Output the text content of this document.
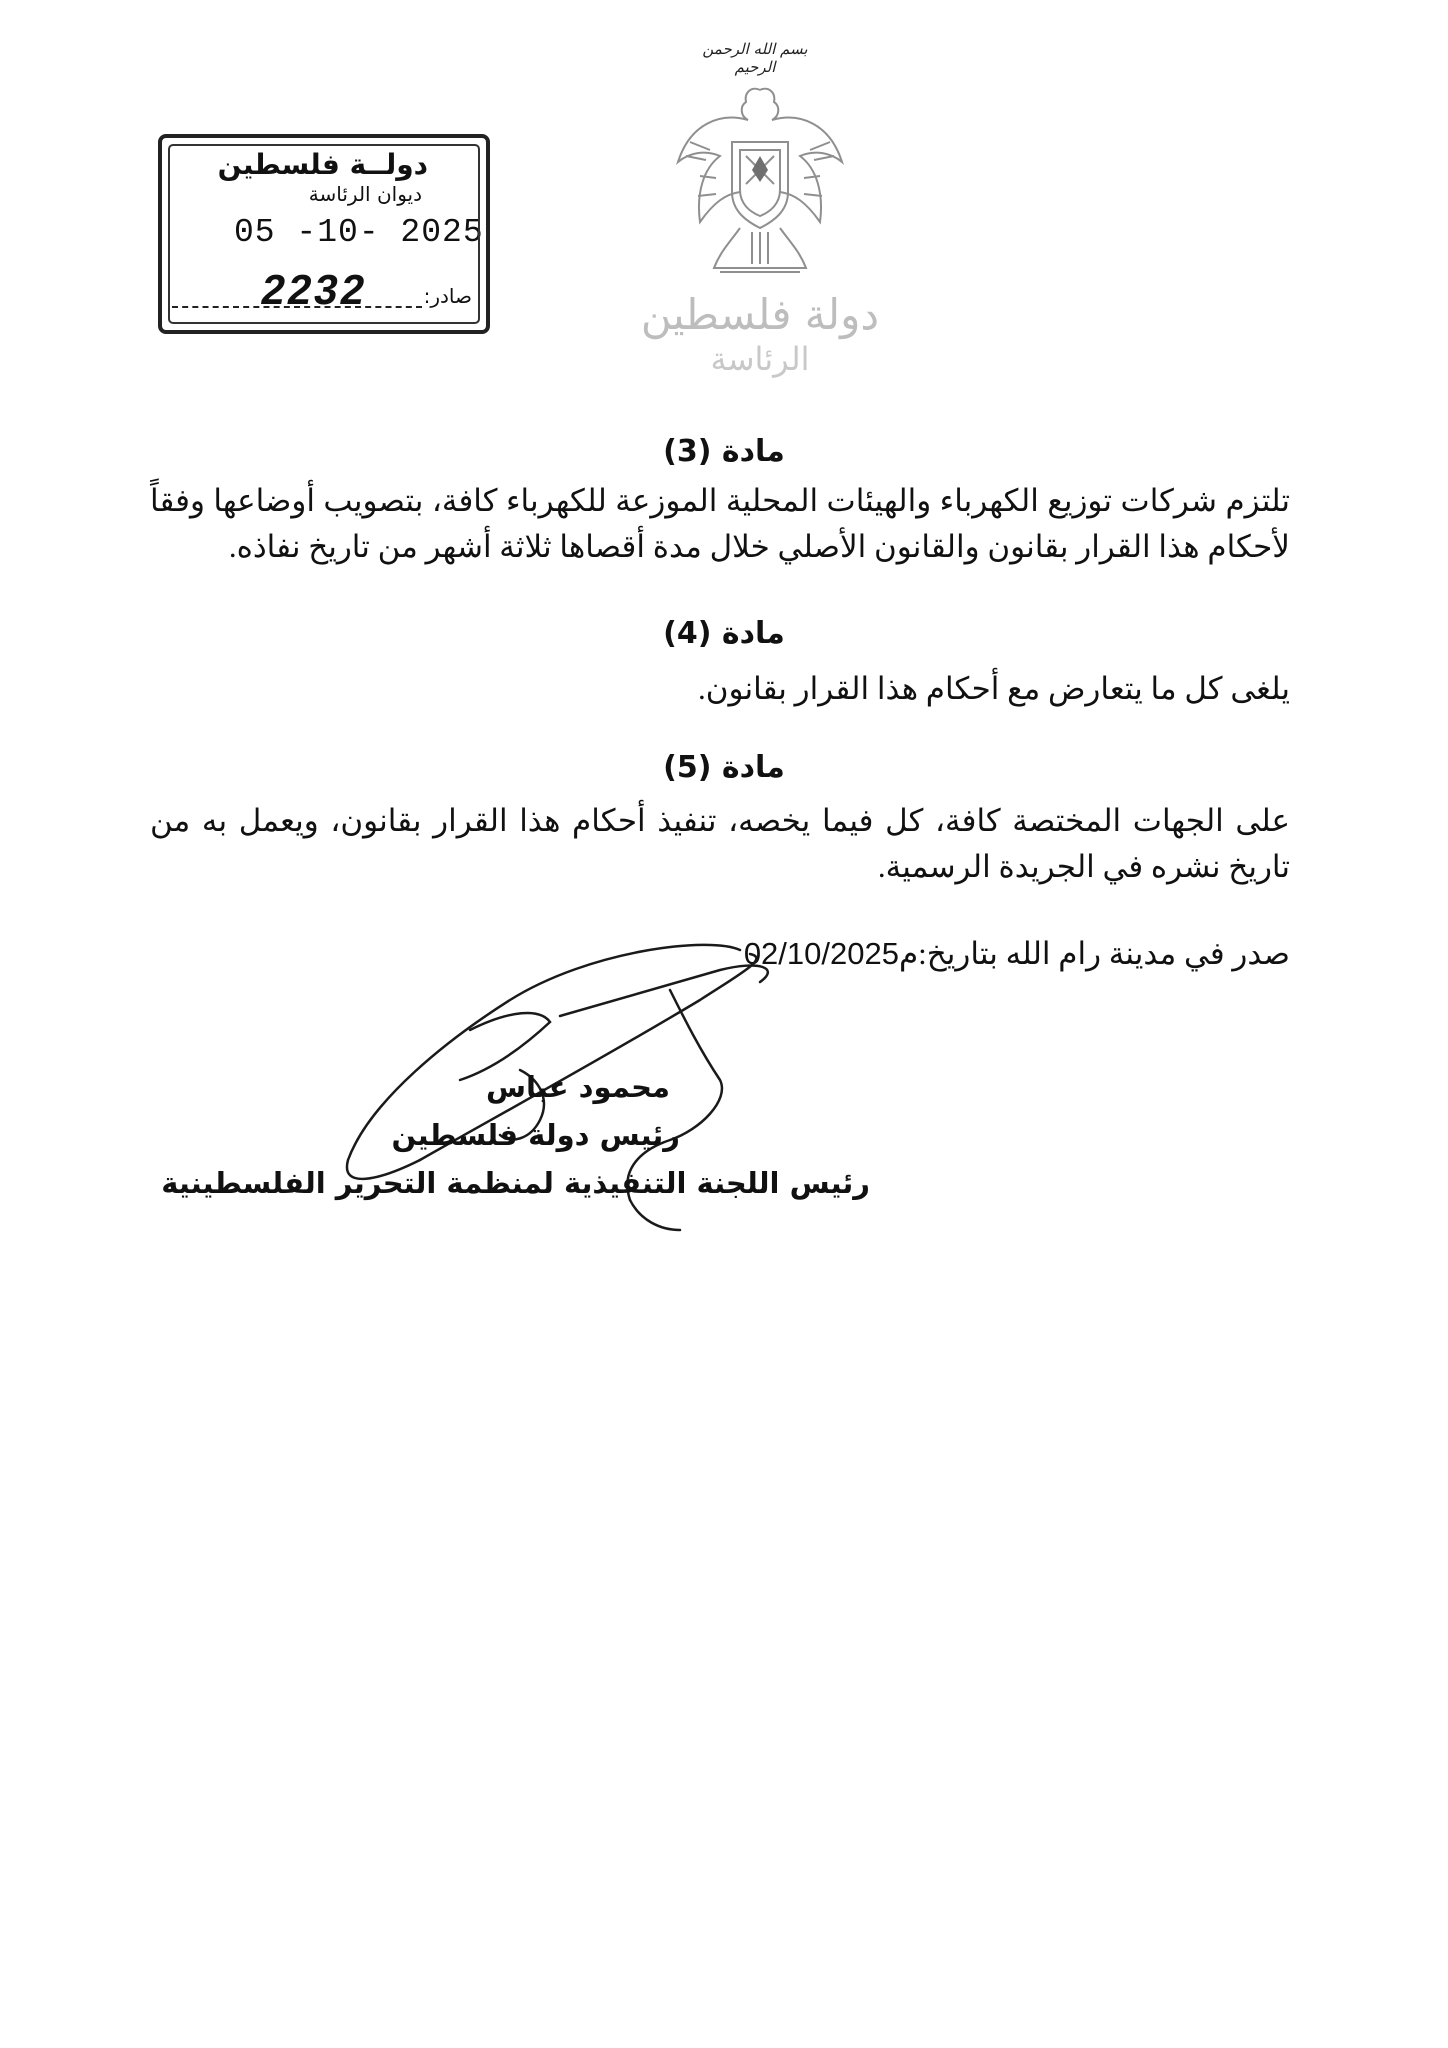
بسم الله الرحمن الرحيم
دولة فلسطين
الرئاسة
دولــة فلسطين
ديوان الرئاسة
05 -10- 2025
2232	صادر:
مادة (3)
تلتزم شركات توزيع الكهرباء والهيئات المحلية الموزعة للكهرباء كافة، بتصويب أوضاعها وفقاً لأحكام هذا القرار بقانون والقانون الأصلي خلال مدة أقصاها ثلاثة أشهر من تاريخ نفاذه.
مادة (4)
يلغى كل ما يتعارض مع أحكام هذا القرار بقانون.
مادة (5)
على الجهات المختصة كافة، كل فيما يخصه، تنفيذ أحكام هذا القرار بقانون، ويعمل به من تاريخ نشره في الجريدة الرسمية.
صدر في مدينة رام الله بتاريخ:02/10/2025م
محمود عباس
رئيس دولة فلسطين
رئيس اللجنة التنفيذية لمنظمة التحرير الفلسطينية
